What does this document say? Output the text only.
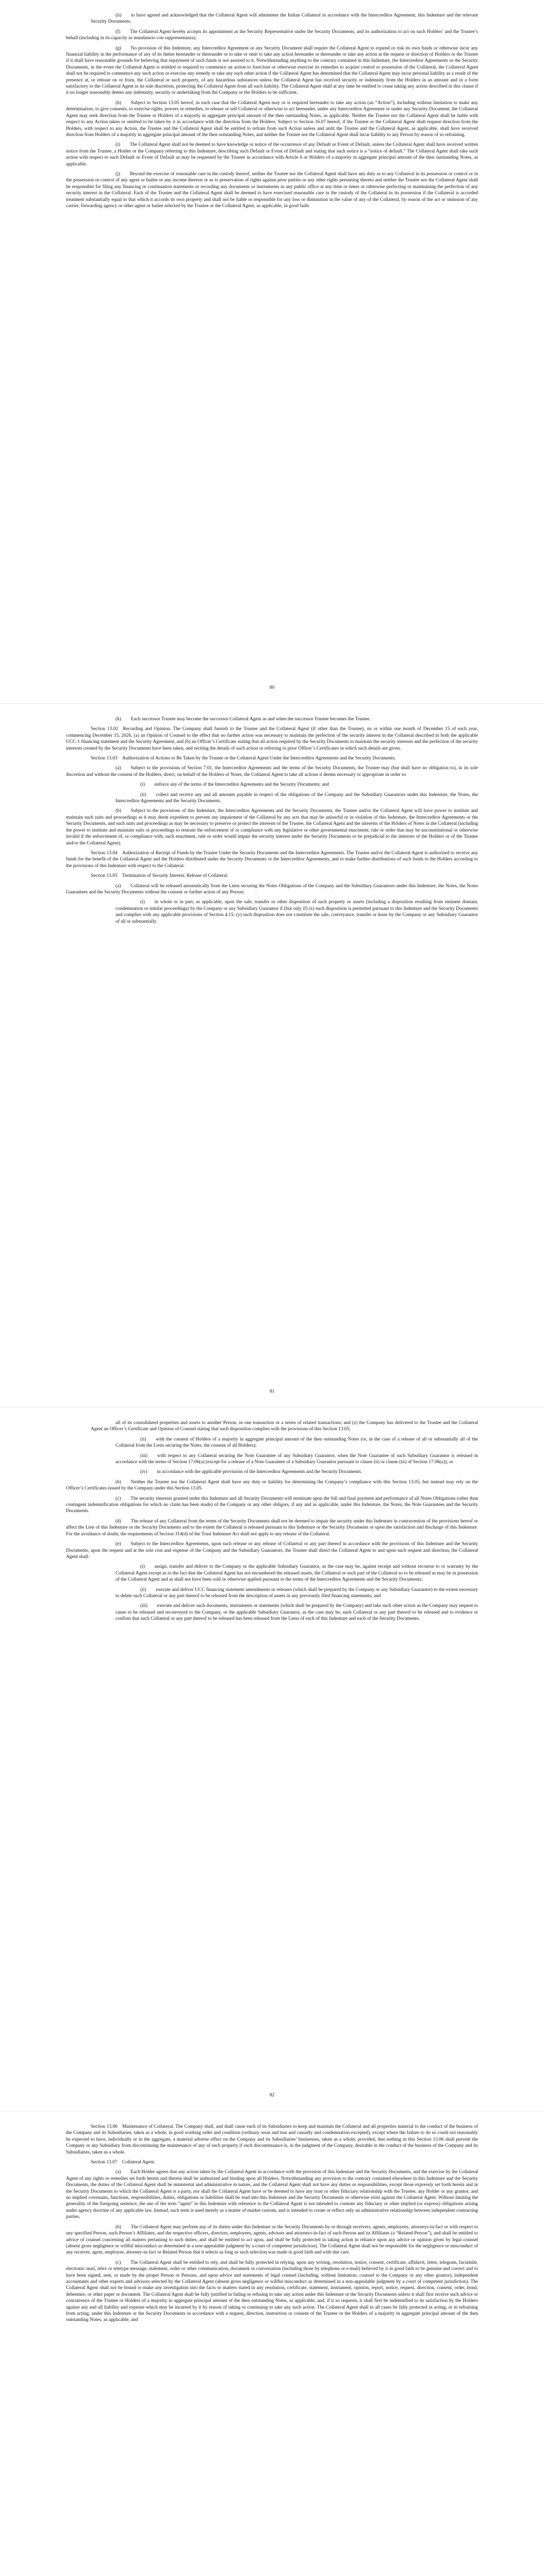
(ii)  to have agreed and acknowledged that the Collateral Agent will administer the Italian Collateral in accordance with the Intercreditor Agreement, this Indenture and the relevant Security Documents.

(f)  The Collateral Agent hereby accepts its appointment as the Security Representative under the Security Documents, and its authorization to act on such Holders’ and the Trustee’s behalf (including in its capacity as mandatario con rappresentanza).

(g)  No provision of this Indenture, any Intercreditor Agreement or any Security Document shall require the Collateral Agent to expend or risk its own funds or otherwise incur any financial liability in the performance of any of its duties hereunder or thereunder or to take or omit to take any action hereunder or thereunder or take any action at the request or direction of Holders or the Trustee if it shall have reasonable grounds for believing that repayment of such funds is not assured to it. Notwithstanding anything to the contrary contained in this Indenture, the Intercreditor Agreements or the Security Documents, in the event the Collateral Agent is entitled or required to commence an action to foreclose or otherwise exercise its remedies to acquire control or possession of the Collateral, the Collateral Agent shall not be required to commence any such action or exercise any remedy or take any such other action if the Collateral Agent has determined that the Collateral Agent may incur personal liability as a result of the presence at, or release on or from, the Collateral or such property, of any hazardous substances unless the Collateral Agent has received security or indemnity from the Holders in an amount and in a form satisfactory to the Collateral Agent in its sole discretion, protecting the Collateral Agent from all such liability. The Collateral Agent shall at any time be entitled to cease taking any action described in this clause if it no longer reasonably deems any indemnity, security or undertaking from the Company or the Holders to be sufficient.

(h)  Subject to Section 13.05 hereof, in each case that the Collateral Agent may or is required hereunder to take any action (an “Action”), including without limitation to make any determination, to give consents, to exercise rights, powers or remedies, to release or sell Collateral or otherwise to act hereunder, under any Intercreditor Agreement or under any Security Document, the Collateral Agent may seek direction from the Trustee or Holders of a majority in aggregate principal amount of the then outstanding Notes, as applicable. Neither the Trustee nor the Collateral Agent shall be liable with respect to any Action taken or omitted to be taken by it in accordance with the direction from the Holders. Subject to Section 16.07 hereof, if the Trustee or the Collateral Agent shall request direction from the Holders, with respect to any Action, the Trustee and the Collateral Agent shall be entitled to refrain from such Action unless and until the Trustee and the Collateral Agent, as applicable, shall have received direction from Holders of a majority in aggregate principal amount of the then outstanding Notes, and neither the Trustee nor the Collateral Agent shall incur liability to any Person by reason of so refraining.

(i)  The Collateral Agent shall not be deemed to have knowledge or notice of the occurrence of any Default or Event of Default, unless the Collateral Agent shall have received written notice from the Trustee, a Holder or the Company referring to this Indenture, describing such Default or Event of Default and stating that such notice is a “notice of default.” The Collateral Agent shall take such action with respect to such Default or Event of Default as may be requested by the Trustee in accordance with Article 6 or Holders of a majority in aggregate principal amount of the then outstanding Notes, as applicable.

(j)  Beyond the exercise of reasonable care in the custody thereof, neither the Trustee nor the Collateral Agent shall have any duty as to any Collateral in its possession or control or in the possession or control of any agent or bailee or any income thereon or as to preservation of rights against prior parties or any other rights pertaining thereto and neither the Trustee nor the Collateral Agent shall be responsible for filing any financing or continuation statements or recording any documents or instruments in any public office at any time or times or otherwise perfecting or maintaining the perfection of any security interest in the Collateral. Each of the Trustee and the Collateral Agent shall be deemed to have exercised reasonable care in the custody of the Collateral in its possession if the Collateral is accorded treatment substantially equal to that which it accords its own property and shall not be liable or responsible for any loss or diminution in the value of any of the Collateral, by reason of the act or omission of any carrier, forwarding agency or other agent or bailee selected by the Trustee or the Collateral Agent, as applicable, in good faith.

80

(k)  Each successor Trustee may become the successor Collateral Agent as and when the successor Trustee becomes the Trustee.

Section 13.02 Recording and Opinion. The Company shall furnish to the Trustee and the Collateral Agent (if other than the Trustee), on or within one month of December 15 of each year, commencing December 15, 2026, (a) an Opinion of Counsel to the effect that no further action was necessary to maintain the perfection of the security interest in the Collateral described in both the applicable UCC-1 financing statement and the Security Agreement, and (b) an Officer’s Certificate stating that all action required by the Security Documents to maintain the security interests and the perfection of the security interests created by the Security Documents have been taken, and reciting the details of such action or referring to prior Officer’s Certificates in which such details are given.

Section 13.03 Authorization of Actions to Be Taken by the Trustee or the Collateral Agent Under the Intercreditor Agreements and the Security Documents.

(a)  Subject to the provisions of Section 7.01, the Intercreditor Agreements and the terms of the Security Documents, the Trustee may (but shall have no obligation to), in its sole discretion and without the consent of the Holders, direct, on behalf of the Holders of Notes, the Collateral Agent to take all actions it deems necessary or appropriate in order to:

(i)  enforce any of the terms of the Intercreditor Agreements and the Security Documents; and

(ii)  collect and receive any and all amounts payable in respect of the obligations of the Company and the Subsidiary Guarantors under this Indenture, the Notes, the Intercreditor Agreements and the Security Documents.

(b)  Subject to the provisions of this Indenture, the Intercreditor Agreements and the Security Documents, the Trustee and/or the Collateral Agent will have power to institute and maintain such suits and proceedings as it may deem expedient to prevent any impairment of the Collateral by any acts that may be unlawful or in violation of this Indenture, the Intercreditor Agreements or the Security Documents, and such suits and proceedings as may be necessary to preserve or protect the interests of the Trustee, the Collateral Agent and the interests of the Holders of Notes in the Collateral (including the power to institute and maintain suits or proceedings to restrain the enforcement of or compliance with any legislative or other governmental enactment, rule or order that may be unconstitutional or otherwise invalid if the enforcement of, or compliance with, such enactment, rule or order would impair the security interest under the Security Documents or be prejudicial to the interests of the Holders or of the Trustee and/or the Collateral Agent).

Section 13.04 Authorization of Receipt of Funds by the Trustee Under the Security Documents and the Intercreditor Agreements. The Trustee and/or the Collateral Agent is authorized to receive any funds for the benefit of the Collateral Agent and the Holders distributed under the Security Documents or the Intercreditor Agreements, and to make further distributions of such funds to the Holders according to the provisions of this Indenture with respect to the Collateral.

Section 13.05 Termination of Security Interest; Release of Collateral.

(a)  Collateral will be released automatically from the Liens securing the Notes Obligations of the Company and the Subsidiary Guarantors under this Indenture, the Notes, the Notes Guarantees and the Security Documents without the consent or further action of any Person:

(i)  in whole or in part, as applicable, upon the sale, transfer or other disposition of such property or assets (including a disposition resulting from eminent domain, condemnation or similar proceedings) by the Company or any Subsidiary Guarantor if (but only if) (x) such disposition is permitted pursuant to this Indenture and the Security Documents and complies with any applicable provisions of Section 4.15; (y) such disposition does not constitute the sale, conveyance, transfer or lease by the Company or any Subsidiary Guarantor of all or substantially

81

all of its consolidated properties and assets to another Person, in one transaction or a series of related transactions; and (z) the Company has delivered to the Trustee and the Collateral Agent an Officer’s Certificate and Opinion of Counsel stating that such disposition complies with the provisions of this Section 13.05;

(ii)  with the consent of Holders of a majority in aggregate principal amount of the then outstanding Notes (or, in the case of a release of all or substantially all of the Collateral from the Liens securing the Notes, the consent of all Holders);

(iii)  with respect to any Collateral securing the Note Guarantee of any Subsidiary Guarantor, when the Note Guarantee of such Subsidiary Guarantor is released in accordance with the terms of Section 17.06(a) (except for a release of a Note Guarantee of a Subsidiary Guarantor pursuant to clause (ii) or clause (iii) of Section 17.06(a)); or

(iv)  in accordance with the applicable provisions of the Intercreditor Agreements and the Security Documents.

(b)  Neither the Trustee nor the Collateral Agent shall have any duty or liability for determining the Company’s compliance with this Section 13.05, but instead may rely on the Officer’s Certificates issued by the Company under this Section 13.05.

(c)  The security interests granted under this Indenture and all Security Documents will terminate upon the full and final payment and performance of all Notes Obligations (other than contingent indemnification obligations for which no claim has been made) of the Company or any other obligors, if any and as applicable, under this Indenture, the Notes, the Note Guarantees and the Security Documents.

(d)  The release of any Collateral from the terms of the Security Documents shall not be deemed to impair the security under this Indenture in contravention of the provisions hereof or affect the Lien of this Indenture or the Security Documents and to the extent the Collateral is released pursuant to this Indenture or the Security Documents or upon the satisfaction and discharge of this Indenture. For the avoidance of doubt, the requirements of Section 314(d) of the Trust Indenture Act shall not apply to any release of the Collateral.

(e)  Subject to the Intercreditor Agreements, upon such release or any release of Collateral or any part thereof in accordance with the provisions of this Indenture and the Security Documents, upon the request and at the sole cost and expense of the Company and the Subsidiary Guarantors, the Trustee shall direct the Collateral Agent to and upon such request and direction, the Collateral Agent shall:

(i)  assign, transfer and deliver to the Company or the applicable Subsidiary Guarantor, as the case may be, against receipt and without recourse to or warranty by the Collateral Agent except as to the fact that the Collateral Agent has not encumbered the released assets, the Collateral or such part of the Collateral so to be released as may be in possession of the Collateral Agent and as shall not have been sold or otherwise applied pursuant to the terms of the Intercreditor Agreements and the Security Documents;

(ii)  execute and deliver UCC financing statement amendments or releases (which shall be prepared by the Company or any Subsidiary Guarantor) to the extent necessary to delete such Collateral or any part thereof to be released from the description of assets in any previously filed financing statements; and

(iii)  execute and deliver such documents, instruments or statements (which shall be prepared by the Company) and take such other action as the Company may request to cause to be released and reconveyed to the Company, or the applicable Subsidiary Guarantor, as the case may be, such Collateral or any part thereof to be released and to evidence or confirm that such Collateral or any part thereof to be released has been released from the Liens of each of this Indenture and each of the Security Documents.

82

Section 13.06 Maintenance of Collateral. The Company shall, and shall cause each of its Subsidiaries to keep and maintain the Collateral and all properties material to the conduct of the business of the Company and its Subsidiaries, taken as a whole, in good working order and condition (ordinary wear and tear and casualty and condemnation excepted), except where the failure to do so could not reasonably be expected to have, individually or in the aggregate, a material adverse effect on the Company and its Subsidiaries’ businesses, taken as a whole; provided, that nothing in this Section 13.06 shall prevent the Company or any Subsidiary from discontinuing the maintenance of any of such property if such discontinuance is, in the judgment of the Company, desirable in the conduct of the business of the Company and its Subsidiaries, taken as a whole.

Section 13.07 Collateral Agent.

(a)  Each Holder agrees that any action taken by the Collateral Agent in accordance with the provision of this Indenture and the Security Documents, and the exercise by the Collateral Agent of any rights or remedies set forth herein and therein shall be authorized and binding upon all Holders. Notwithstanding any provision to the contrary contained elsewhere in this Indenture and the Security Documents, the duties of the Collateral Agent shall be ministerial and administrative in nature, and the Collateral Agent shall not have any duties or responsibilities, except those expressly set forth herein and in the Security Documents to which the Collateral Agent is a party, nor shall the Collateral Agent have or be deemed to have any trust or other fiduciary relationship with the Trustee, any Holder or any grantor, and no implied covenants, functions, responsibilities, duties, obligations or liabilities shall be read into this Indenture and the Security Documents or otherwise exist against the Collateral Agent. Without limiting the generality of the foregoing sentence, the use of the term “agent” in this Indenture with reference to the Collateral Agent is not intended to connote any fiduciary or other implied (or express) obligations arising under agency doctrine of any applicable law. Instead, such term is used merely as a matter of market custom, and is intended to create or reflect only an administrative relationship between independent contracting parties.

(b)  The Collateral Agent may perform any of its duties under this Indenture or the Security Documents by or through receivers, agents, employees, attorneys-in-fact or with respect to any specified Person, such Person’s Affiliates, and the respective officers, directors, employees, agents, advisors and attorneys-in-fact of such Person and its Affiliates (a “Related Person”), and shall be entitled to advice of counsel concerning all matters pertaining to such duties, and shall be entitled to act upon, and shall be fully protected in taking action in reliance upon any advice or opinion given by legal counsel (absent gross negligence or willful misconduct as determined in a non-appealable judgment by a court of competent jurisdiction). The Collateral Agent shall not be responsible for the negligence or misconduct of any receiver, agent, employee, attorney-in-fact or Related Person that it selects as long as such selection was made in good faith and with due care.

(c)  The Collateral Agent shall be entitled to rely, and shall be fully protected in relying, upon any writing, resolution, notice, consent, certificate, affidavit, letter, telegram, facsimile, electronic mail, telex or teletype message, statement, order or other communication, document or conversation (including those by telephone or e-mail) believed by it in good faith to be genuine and correct and to have been signed, sent, or made by the proper Person or Persons, and upon advice and statements of legal counsel (including, without limitation, counsel to the Company or any other grantor), independent accountants and other experts and advisors selected by the Collateral Agent (absent gross negligence or willful misconduct as determined in a non-appealable judgment by a court of competent jurisdiction). The Collateral Agent shall not be bound to make any investigation into the facts or matters stated in any resolution, certificate, statement, instrument, opinion, report, notice, request, direction, consent, order, bond, debenture, or other paper or document. The Collateral Agent shall be fully justified in failing or refusing to take any action under this Indenture or the Security Documents unless it shall first receive such advice or concurrence of the Trustee or Holders of a majority in aggregate principal amount of the then outstanding Notes, as applicable, and, if it so requests, it shall first be indemnified to its satisfaction by the Holders against any and all liability and expense which may be incurred by it by reason of taking or continuing to take any such action. The Collateral Agent shall in all cases be fully protected in acting, or in refraining from acting, under this Indenture or the Security Documents in accordance with a request, direction, instruction or consent of the Trustee or the Holders of a majority in aggregate principal amount of the then outstanding Notes, as applicable, and
